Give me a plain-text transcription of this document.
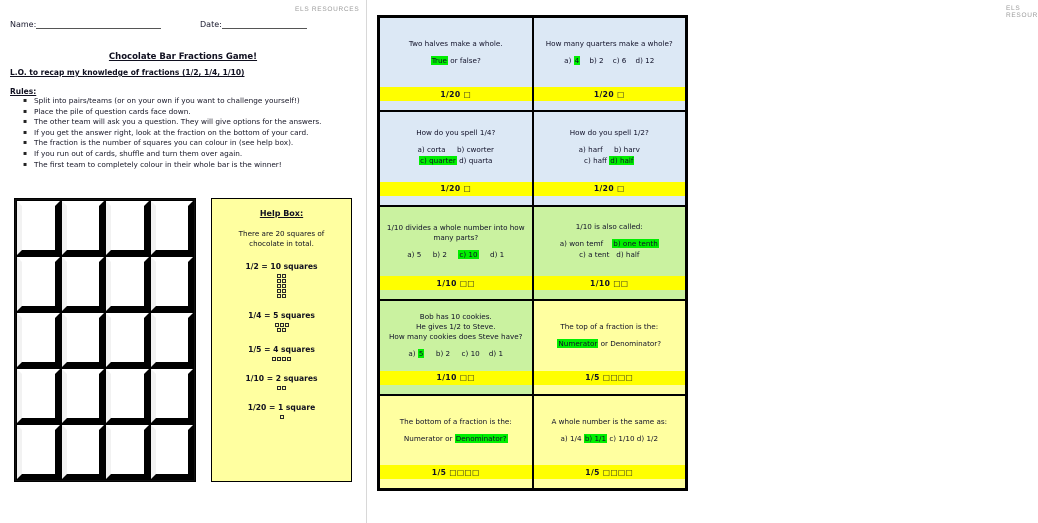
ELS RESOURCES
Name:	Date:
Chocolate Bar Fractions Game!
L.O. to recap my knowledge of fractions (1/2, 1/4, 1/10)
Rules:
▪ Split into pairs/teams (or on your own if you want to challenge yourself!)
▪ Place the pile of question cards face down.
▪ The other team will ask you a question. They will give options for the answers.
▪ If you get the answer right, look at the fraction on the bottom of your card.
▪ The fraction is the number of squares you can colour in (see help box).
▪ If you run out of cards, shuffle and turn them over again.
▪ The first team to completely colour in their whole bar is the winner!
Help Box:
There are 20 squares of chocolate in total.
1/2 = 10 squares
1/4 = 5 squares
1/5 = 4 squares
1/10 = 2 squares
1/20 = 1 square
ELS RESOUR
Two halves make a whole.
True or false?
1/20 □
How many quarters make a whole?
a) 4    b) 2    c) 6    d) 12
1/20 □
How do you spell 1/4?
a) corta     b) cworter
c) quarter d) quarta
1/20 □
How do you spell 1/2?
a) harf     b) harv
c) haff d) half
1/20 □
1/10 divides a whole number into how many parts?
a) 5     b) 2     c) 10     d) 1
1/10 □□
1/10 is also called:
a) won temf    b) one tenth
c) a tent   d) half
1/10 □□
Bob has 10 cookies.
He gives 1/2 to Steve.
How many cookies does Steve have?
a) 5     b) 2     c) 10    d) 1
1/10 □□
The top of a fraction is the:
Numerator or Denominator?
1/5 □□□□
The bottom of a fraction is the:
Numerator or Denominator?
1/5 □□□□
A whole number is the same as:
a) 1/4 b) 1/1 c) 1/10 d) 1/2
1/5 □□□□
